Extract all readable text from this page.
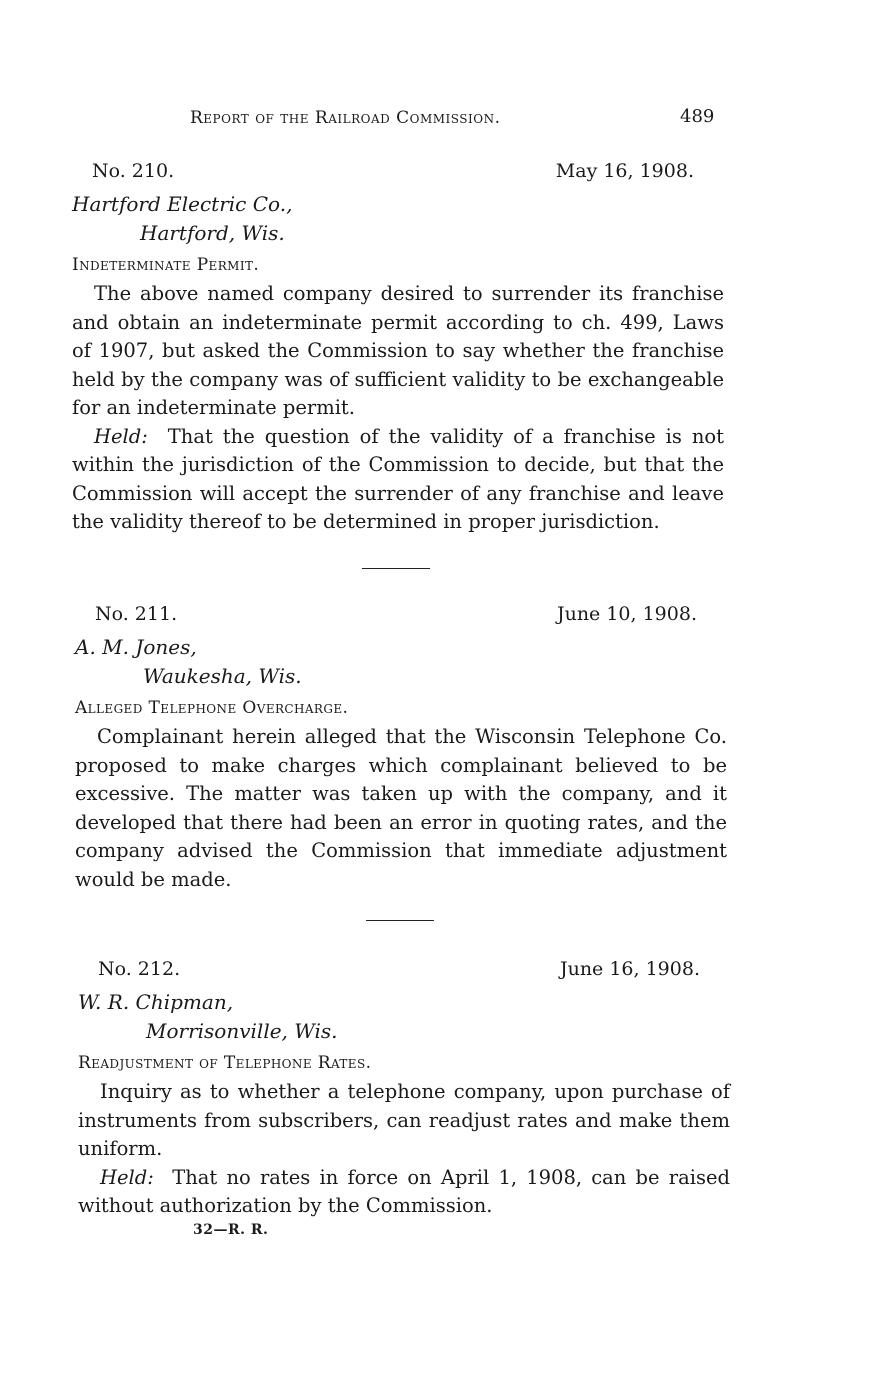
Report of the Railroad Commission.	489
No. 210.	May 16, 1908.
Hartford Electric Co.,
Hartford, Wis.
Indeterminate Permit.

The above named company desired to surrender its franchise and obtain an indeterminate permit according to ch. 499, Laws of 1907, but asked the Commission to say whether the franchise held by the company was of sufficient validity to be exchangeable for an indeterminate permit.

Held: That the question of the validity of a franchise is not within the jurisdiction of the Commission to decide, but that the Commission will accept the surrender of any franchise and leave the validity thereof to be determined in proper jurisdiction.

No. 211.	June 10, 1908.
A. M. Jones,
Waukesha, Wis.
Alleged Telephone Overcharge.

Complainant herein alleged that the Wisconsin Telephone Co. proposed to make charges which complainant believed to be excessive. The matter was taken up with the company, and it developed that there had been an error in quoting rates, and the company advised the Commission that immediate adjustment would be made.

No. 212.	June 16, 1908.
W. R. Chipman,
Morrisonville, Wis.
Readjustment of Telephone Rates.

Inquiry as to whether a telephone company, upon purchase of instruments from subscribers, can readjust rates and make them uniform.

Held: That no rates in force on April 1, 1908, can be raised without authorization by the Commission.

32—R. R.
